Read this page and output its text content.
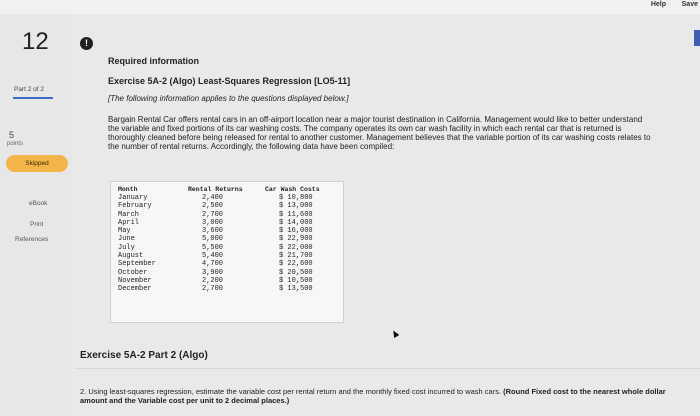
Help Save
12
Part 2 of 2
5
points
Skipped
eBook
Print
References
!
Required information
Exercise 5A-2 (Algo) Least-Squares Regression [LO5-11]
[The following information applies to the questions displayed below.]
Bargain Rental Car offers rental cars in an off-airport location near a major tourist destination in California. Management would like to better understand the variable and fixed portions of its car washing costs. The company operates its own car wash facility in which each rental car that is returned is thoroughly cleaned before being released for rental to another customer. Management believes that the variable portion of its car washing costs relates to the number of rental returns. Accordingly, the following data have been compiled:
Month	Rental Returns	Car Wash Costs
January
February
March
April
May
June
July
August
September
October
November
December
2,400
2,500
2,700
3,000
3,600
5,000
5,500
5,400
4,700
3,900
2,200
2,700
$ 10,800
$ 13,000
$ 11,600
$ 14,000
$ 16,000
$ 22,900
$ 22,000
$ 21,700
$ 22,600
$ 20,500
$ 10,500
$ 13,500
Exercise 5A-2 Part 2 (Algo)
2. Using least-squares regression, estimate the variable cost per rental return and the monthly fixed cost incurred to wash cars. (Round Fixed cost to the nearest whole dollar amount and the Variable cost per unit to 2 decimal places.)
